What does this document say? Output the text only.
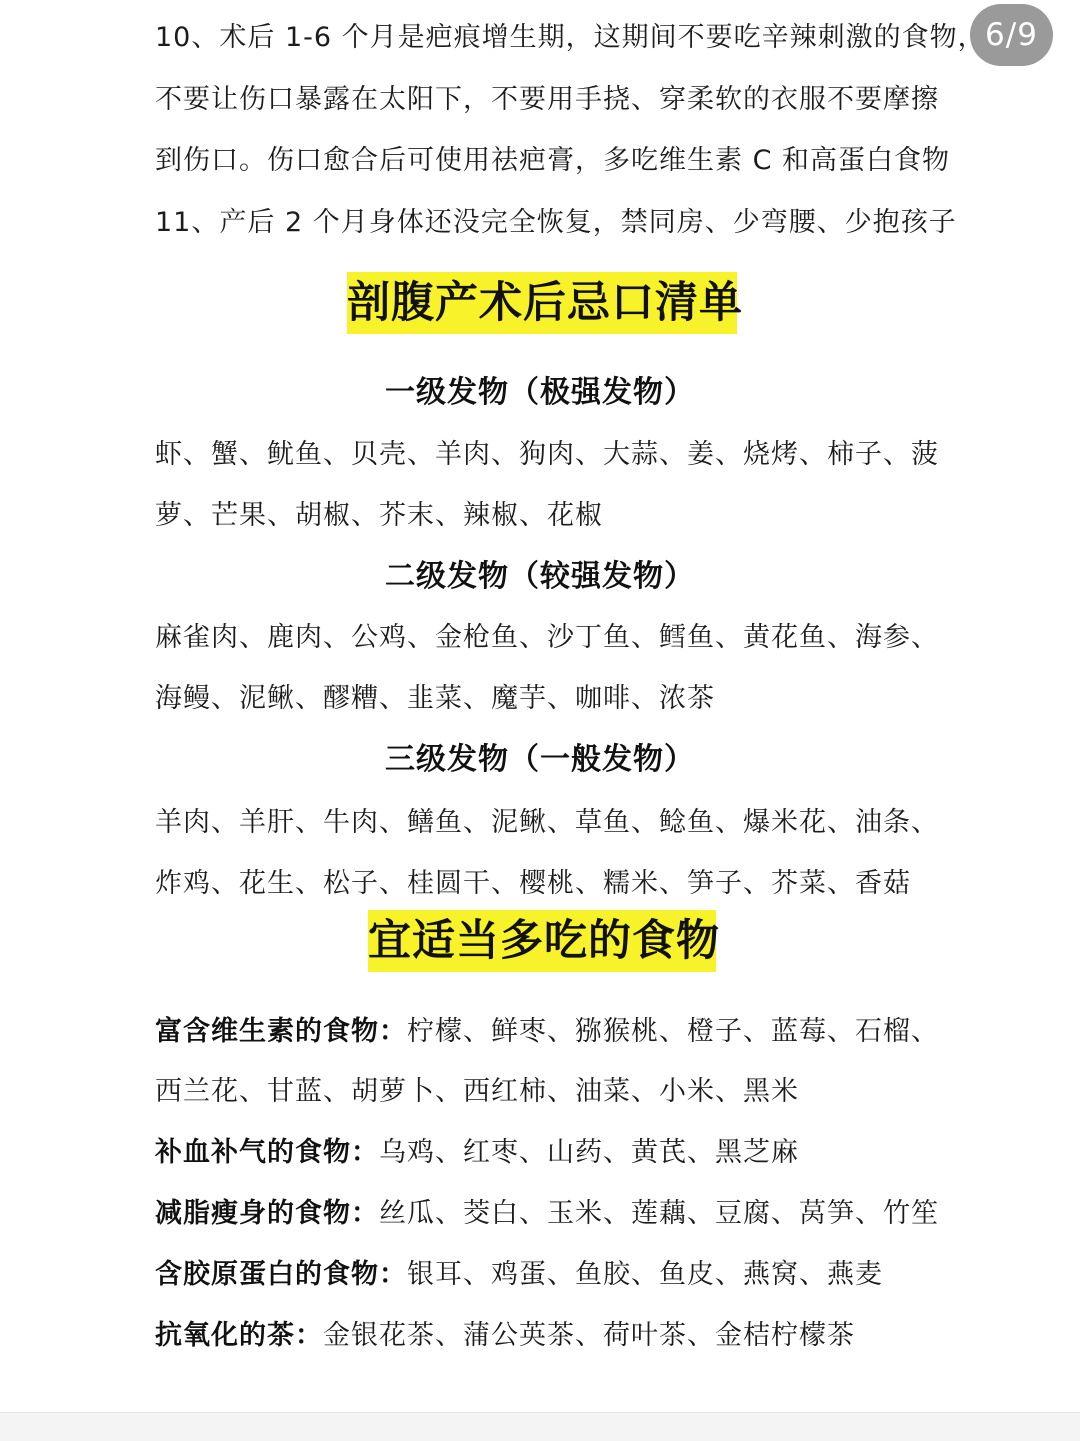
6/9
10、术后 1-6 个月是疤痕增生期，这期间不要吃辛辣刺激的食物，
不要让伤口暴露在太阳下，不要用手挠、穿柔软的衣服不要摩擦
到伤口。伤口愈合后可使用祛疤膏，多吃维生素 C 和高蛋白食物
11、产后 2 个月身体还没完全恢复，禁同房、少弯腰、少抱孩子
剖腹产术后忌口清单
一级发物（极强发物）
虾、蟹、鱿鱼、贝壳、羊肉、狗肉、大蒜、姜、烧烤、柿子、菠
萝、芒果、胡椒、芥末、辣椒、花椒
二级发物（较强发物）
麻雀肉、鹿肉、公鸡、金枪鱼、沙丁鱼、鳕鱼、黄花鱼、海参、
海鳗、泥鳅、醪糟、韭菜、魔芋、咖啡、浓茶
三级发物（一般发物）
羊肉、羊肝、牛肉、鳝鱼、泥鳅、草鱼、鲶鱼、爆米花、油条、
炸鸡、花生、松子、桂圆干、樱桃、糯米、笋子、芥菜、香菇
宜适当多吃的食物
富含维生素的食物：柠檬、鲜枣、猕猴桃、橙子、蓝莓、石榴、
西兰花、甘蓝、胡萝卜、西红柿、油菜、小米、黑米
补血补气的食物：乌鸡、红枣、山药、黄芪、黑芝麻
减脂瘦身的食物：丝瓜、茭白、玉米、莲藕、豆腐、莴笋、竹笙
含胶原蛋白的食物：银耳、鸡蛋、鱼胶、鱼皮、燕窝、燕麦
抗氧化的茶：金银花茶、蒲公英茶、荷叶茶、金桔柠檬茶
